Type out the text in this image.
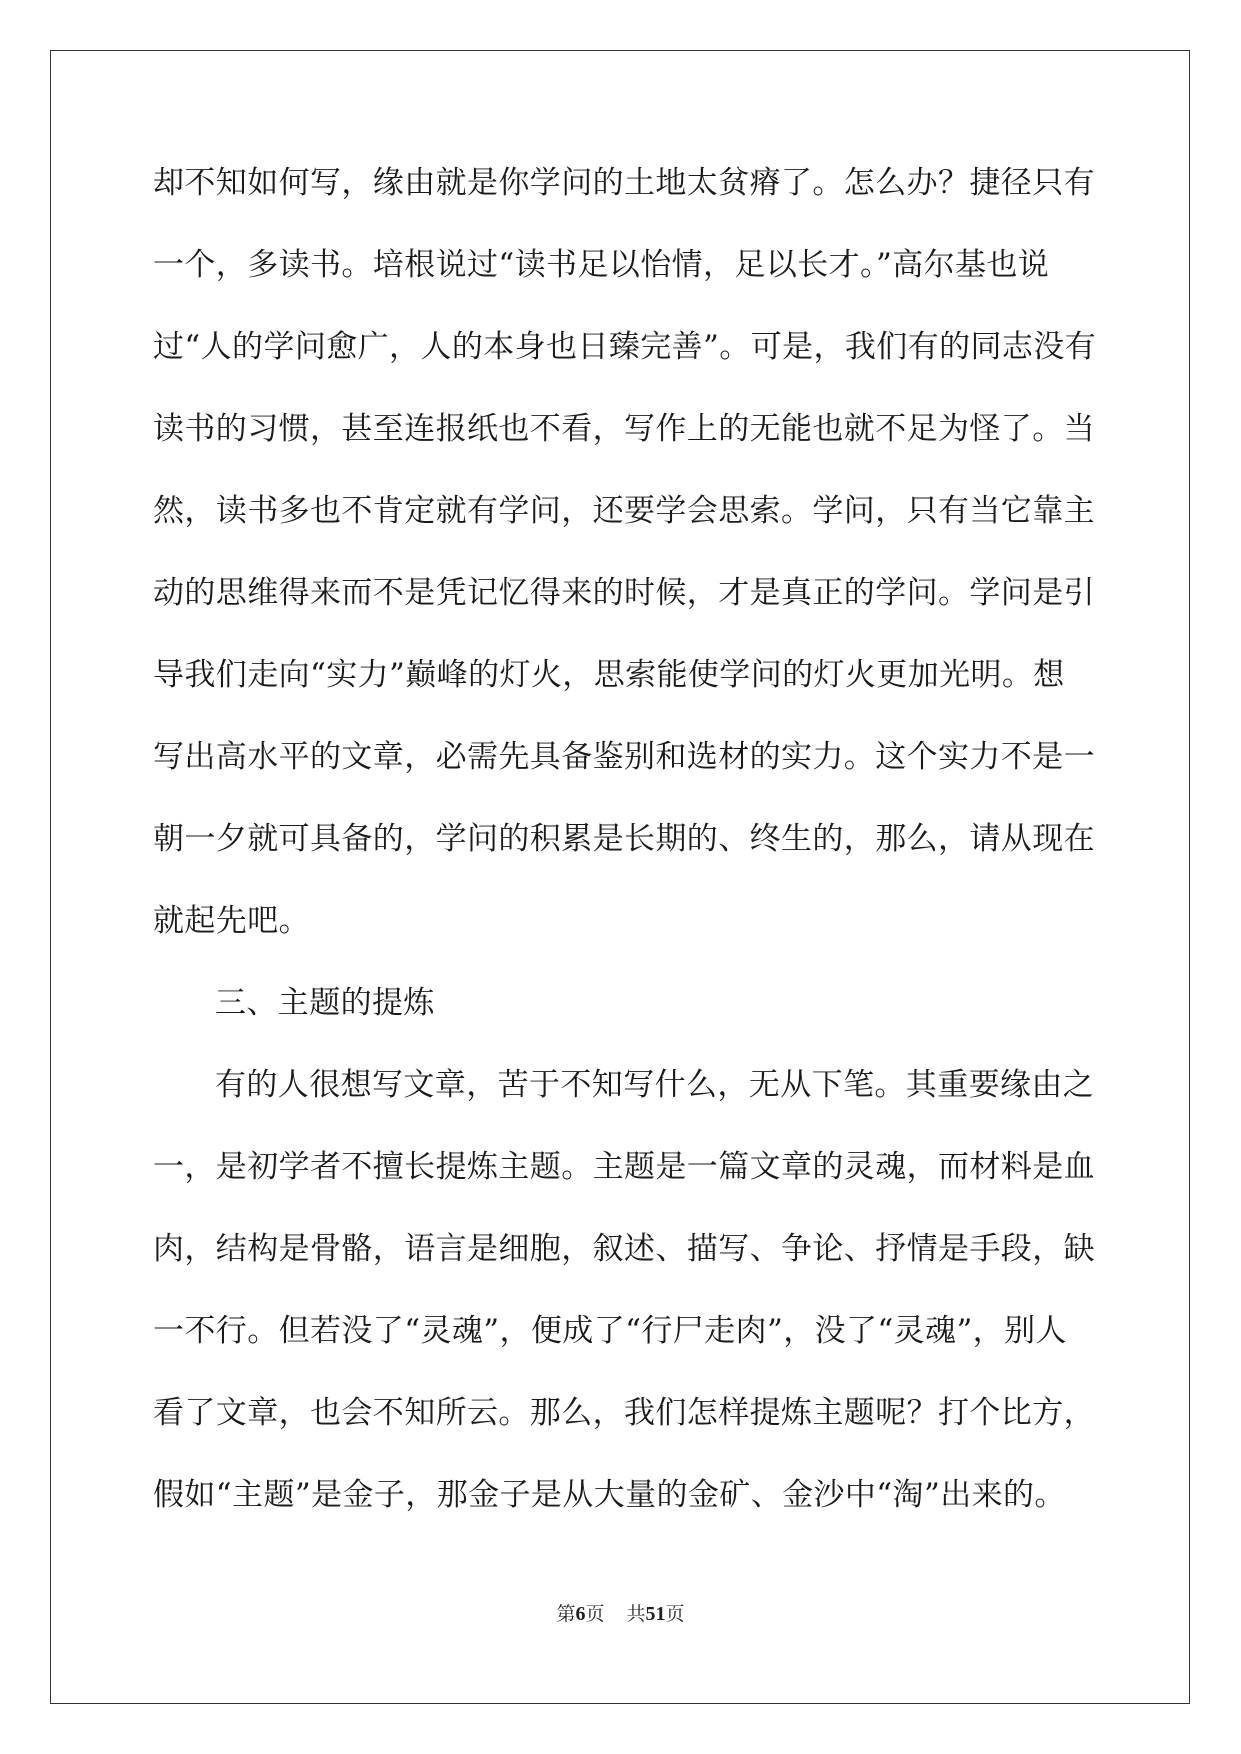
却不知如何写，缘由就是你学问的土地太贫瘠了。怎么办？捷径只有
一个，多读书。培根说过“读书足以怡情，足以长才。”高尔基也说
过“人的学问愈广，人的本身也日臻完善”。可是，我们有的同志没有
读书的习惯，甚至连报纸也不看，写作上的无能也就不足为怪了。当
然，读书多也不肯定就有学问，还要学会思索。学问，只有当它靠主
动的思维得来而不是凭记忆得来的时候，才是真正的学问。学问是引
导我们走向“实力”巅峰的灯火，思索能使学问的灯火更加光明。想
写出高水平的文章，必需先具备鉴别和选材的实力。这个实力不是一
朝一夕就可具备的，学问的积累是长期的、终生的，那么，请从现在
就起先吧。
三、主题的提炼
有的人很想写文章，苦于不知写什么，无从下笔。其重要缘由之
一，是初学者不擅长提炼主题。主题是一篇文章的灵魂，而材料是血
肉，结构是骨骼，语言是细胞，叙述、描写、争论、抒情是手段，缺
一不行。但若没了“灵魂”，便成了“行尸走肉”，没了“灵魂”，别人
看了文章，也会不知所云。那么，我们怎样提炼主题呢？打个比方，
假如“主题”是金子，那金子是从大量的金矿、金沙中“淘”出来的。
第6页 共51页
